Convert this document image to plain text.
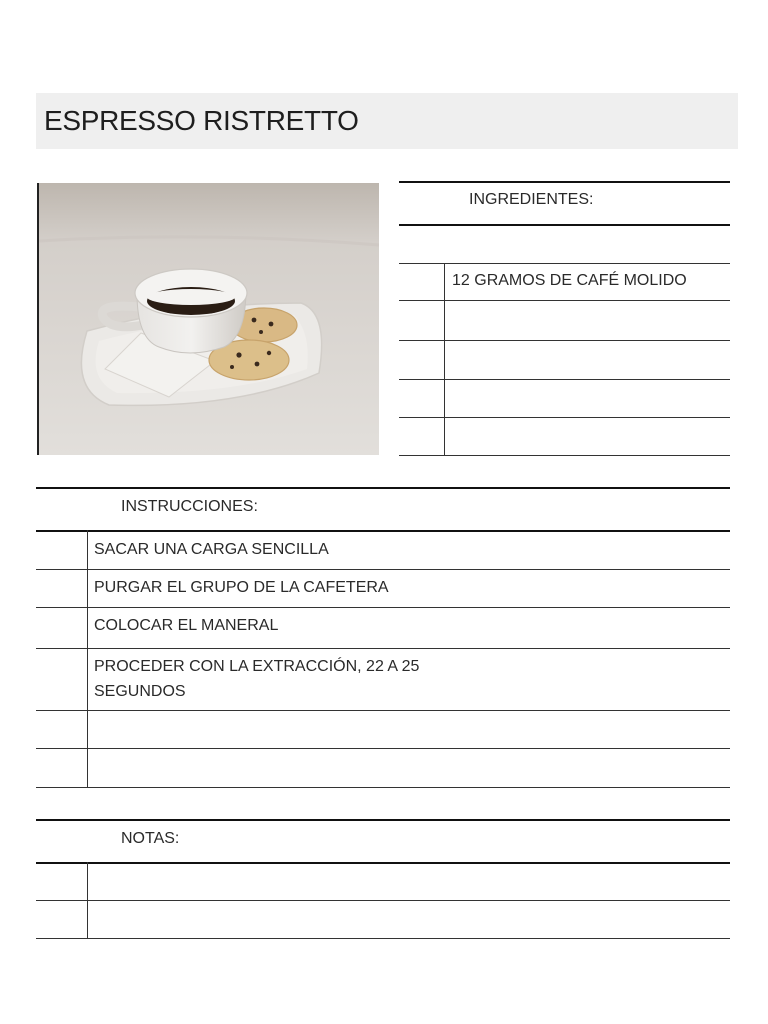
ESPRESSO RISTRETTO
INGREDIENTES:
12 GRAMOS DE CAFÉ MOLIDO
INSTRUCCIONES:
SACAR UNA CARGA SENCILLA
PURGAR EL GRUPO DE LA CAFETERA
COLOCAR EL MANERAL
PROCEDER CON LA EXTRACCIÓN, 22 A 25
SEGUNDOS
NOTAS:
